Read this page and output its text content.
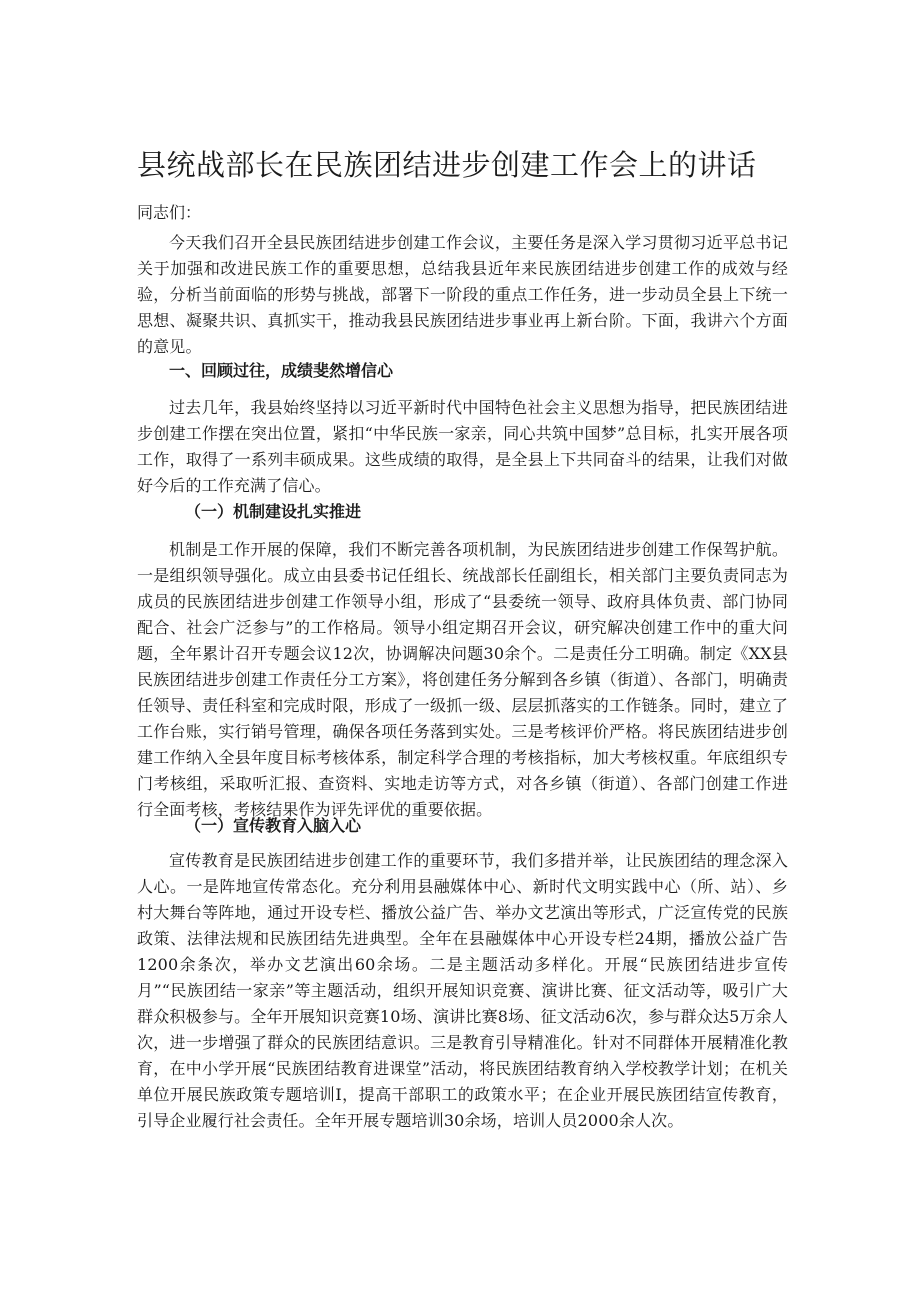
县统战部长在民族团结进步创建工作会上的讲话

同志们：

今天我们召开全县民族团结进步创建工作会议，主要任务是深入学习贯彻习近平总书记关于加强和改进民族工作的重要思想，总结我县近年来民族团结进步创建工作的成效与经验，分析当前面临的形势与挑战，部署下一阶段的重点工作任务，进一步动员全县上下统一思想、凝聚共识、真抓实干，推动我县民族团结进步事业再上新台阶。下面，我讲六个方面的意见。

一、回顾过往，成绩斐然增信心

过去几年，我县始终坚持以习近平新时代中国特色社会主义思想为指导，把民族团结进步创建工作摆在突出位置，紧扣“中华民族一家亲，同心共筑中国梦”总目标，扎实开展各项工作，取得了一系列丰硕成果。这些成绩的取得，是全县上下共同奋斗的结果，让我们对做好今后的工作充满了信心。

（一）机制建设扎实推进

机制是工作开展的保障，我们不断完善各项机制，为民族团结进步创建工作保驾护航。一是组织领导强化。成立由县委书记任组长、统战部长任副组长，相关部门主要负责同志为成员的民族团结进步创建工作领导小组，形成了“县委统一领导、政府具体负责、部门协同配合、社会广泛参与”的工作格局。领导小组定期召开会议，研究解决创建工作中的重大问题，全年累计召开专题会议12次，协调解决问题30余个。二是责任分工明确。制定《XX县民族团结进步创建工作责任分工方案》，将创建任务分解到各乡镇（街道）、各部门，明确责任领导、责任科室和完成时限，形成了一级抓一级、层层抓落实的工作链条。同时，建立了工作台账，实行销号管理，确保各项任务落到实处。三是考核评价严格。将民族团结进步创建工作纳入全县年度目标考核体系，制定科学合理的考核指标，加大考核权重。年底组织专门考核组，采取听汇报、查资料、实地走访等方式，对各乡镇（街道）、各部门创建工作进行全面考核，考核结果作为评先评优的重要依据。

（一）宣传教育入脑入心

宣传教育是民族团结进步创建工作的重要环节，我们多措并举，让民族团结的理念深入人心。一是阵地宣传常态化。充分利用县融媒体中心、新时代文明实践中心（所、站）、乡村大舞台等阵地，通过开设专栏、播放公益广告、举办文艺演出等形式，广泛宣传党的民族政策、法律法规和民族团结先进典型。全年在县融媒体中心开设专栏24期，播放公益广告1200余条次，举办文艺演出60余场。二是主题活动多样化。开展“民族团结进步宣传月”“民族团结一家亲”等主题活动，组织开展知识竞赛、演讲比赛、征文活动等，吸引广大群众积极参与。全年开展知识竞赛10场、演讲比赛8场、征文活动6次，参与群众达5万余人次，进一步增强了群众的民族团结意识。三是教育引导精准化。针对不同群体开展精准化教育，在中小学开展“民族团结教育进课堂”活动，将民族团结教育纳入学校教学计划；在机关单位开展民族政策专题培训Ⅰ，提高干部职工的政策水平；在企业开展民族团结宣传教育，引导企业履行社会责任。全年开展专题培训30余场，培训人员2000余人次。
